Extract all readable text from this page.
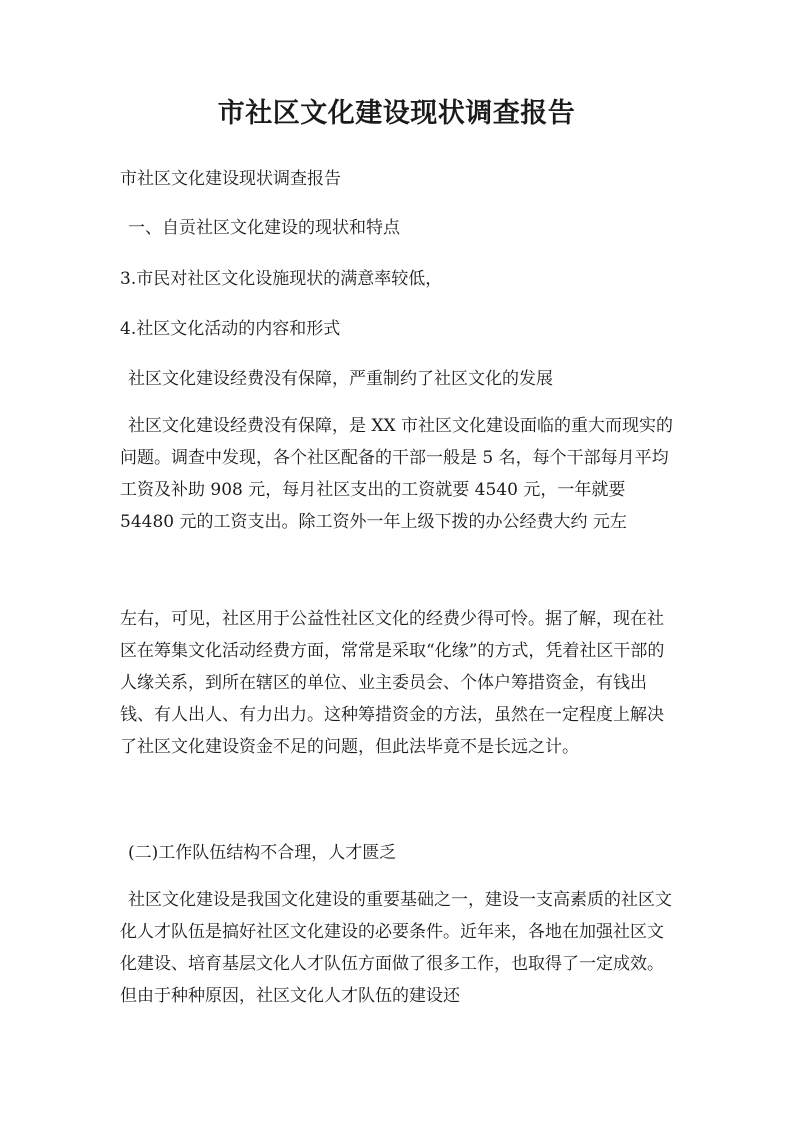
市社区文化建设现状调查报告
市社区文化建设现状调查报告
一、自贡社区文化建设的现状和特点
3.市民对社区文化设施现状的满意率较低，
4.社区文化活动的内容和形式
社区文化建设经费没有保障，严重制约了社区文化的发展
社区文化建设经费没有保障，是 XX 市社区文化建设面临的重大而现实的问题。调查中发现，各个社区配备的干部一般是 5 名，每个干部每月平均工资及补助 908 元，每月社区支出的工资就要 4540 元，一年就要 54480 元的工资支出。除工资外一年上级下拨的办公经费大约 元左
左右，可见，社区用于公益性社区文化的经费少得可怜。据了解，现在社区在筹集文化活动经费方面，常常是采取“化缘”的方式，凭着社区干部的人缘关系，到所在辖区的单位、业主委员会、个体户筹措资金，有钱出钱、有人出人、有力出力。这种筹措资金的方法，虽然在一定程度上解决了社区文化建设资金不足的问题，但此法毕竟不是长远之计。
(二)工作队伍结构不合理，人才匮乏
社区文化建设是我国文化建设的重要基础之一，建设一支高素质的社区文化人才队伍是搞好社区文化建设的必要条件。近年来，各地在加强社区文化建设、培育基层文化人才队伍方面做了很多工作，也取得了一定成效。但由于种种原因，社区文化人才队伍的建设还
